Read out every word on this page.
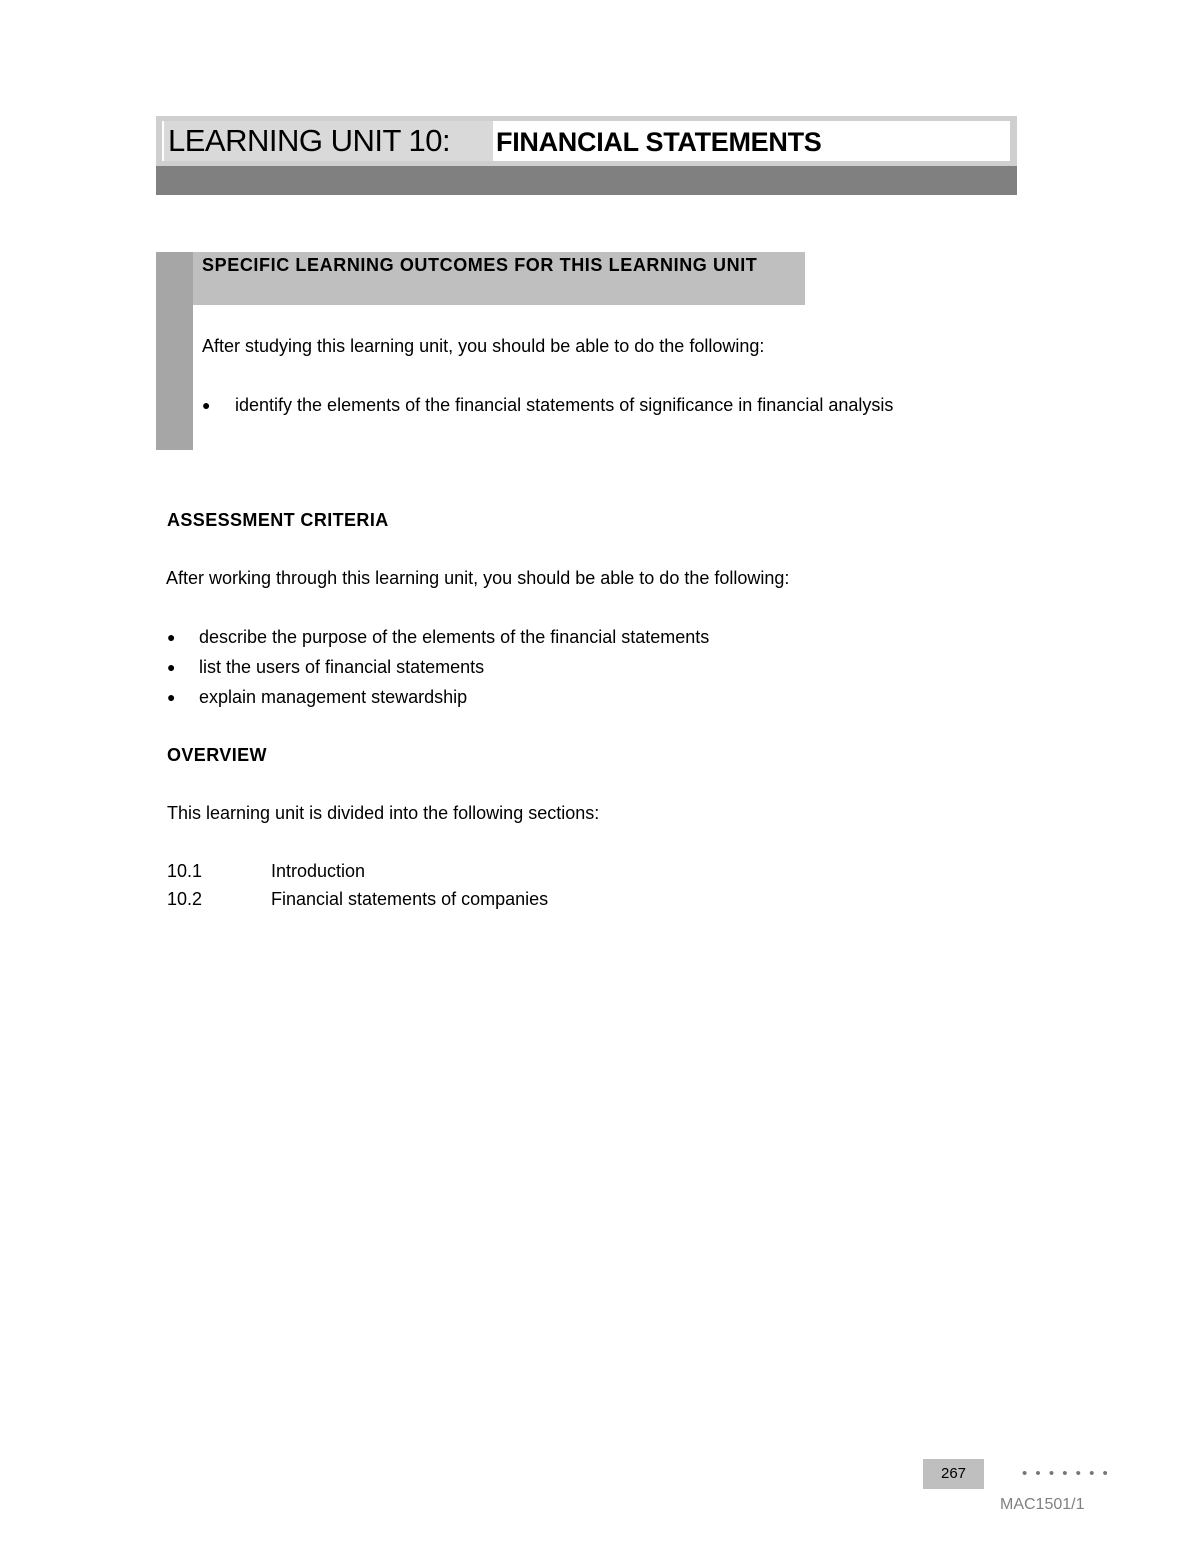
LEARNING UNIT 10: FINANCIAL STATEMENTS

SPECIFIC LEARNING OUTCOMES FOR THIS LEARNING UNIT

After studying this learning unit, you should be able to do the following:

● identify the elements of the financial statements of significance in financial analysis

ASSESSMENT CRITERIA

After working through this learning unit, you should be able to do the following:

● describe the purpose of the elements of the financial statements

● list the users of financial statements

● explain management stewardship

OVERVIEW

This learning unit is divided into the following sections:

10.1	Introduction

10.2	Financial statements of companies

267	• • • • • • •
MAC1501/1
